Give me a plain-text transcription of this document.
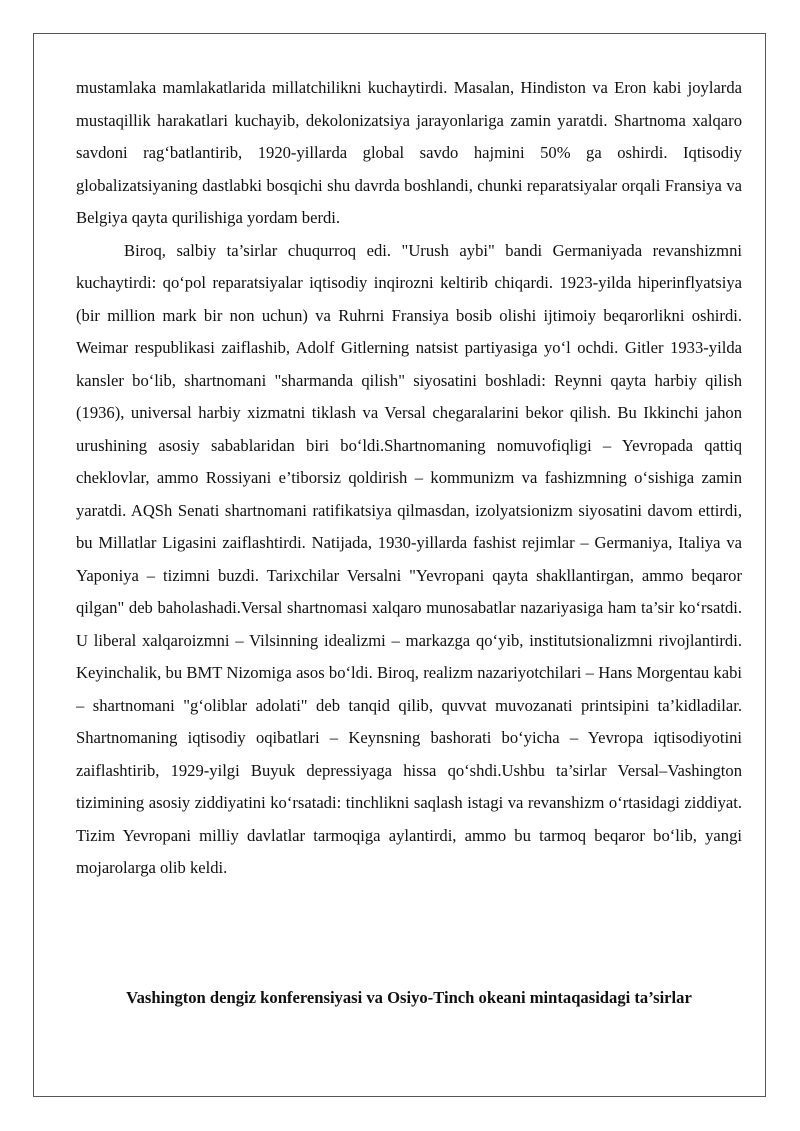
mustamlaka mamlakatlarida millatchilikni kuchaytirdi. Masalan, Hindiston va Eron kabi joylarda mustaqillik harakatlari kuchayib, dekolonizatsiya jarayonlariga zamin yaratdi. Shartnoma xalqaro savdoni rag‘batlantirib, 1920-yillarda global savdo hajmini 50% ga oshirdi. Iqtisodiy globalizatsiyaning dastlabki bosqichi shu davrda boshlandi, chunki reparatsiyalar orqali Fransiya va Belgiya qayta qurilishiga yordam berdi.

Biroq, salbiy ta’sirlar chuqurroq edi. "Urush aybi" bandi Germaniyada revanshizmni kuchaytirdi: qo‘pol reparatsiyalar iqtisodiy inqirozni keltirib chiqardi. 1923-yilda hiperinflyatsiya (bir million mark bir non uchun) va Ruhrni Fransiya bosib olishi ijtimoiy beqarorlikni oshirdi. Weimar respublikasi zaiflashib, Adolf Gitlerning natsist partiyasiga yo‘l ochdi. Gitler 1933-yilda kansler bo‘lib, shartnomani "sharmanda qilish" siyosatini boshladi: Reynni qayta harbiy qilish (1936), universal harbiy xizmatni tiklash va Versal chegaralarini bekor qilish. Bu Ikkinchi jahon urushining asosiy sabablaridan biri bo‘ldi.Shartnomaning nomuvofiqligi – Yevropada qattiq cheklovlar, ammo Rossiyani e’tiborsiz qoldirish – kommunizm va fashizmning o‘sishiga zamin yaratdi. AQSh Senati shartnomani ratifikatsiya qilmasdan, izolyatsionizm siyosatini davom ettirdi, bu Millatlar Ligasini zaiflashtirdi. Natijada, 1930-yillarda fashist rejimlar – Germaniya, Italiya va Yaponiya – tizimni buzdi. Tarixchilar Versalni "Yevropani qayta shakllantirgan, ammo beqaror qilgan" deb baholashadi.Versal shartnomasi xalqaro munosabatlar nazariyasiga ham ta’sir ko‘rsatdi. U liberal xalqaroizmni – Vilsinning idealizmi – markazga qo‘yib, institutsionalizmni rivojlantirdi. Keyinchalik, bu BMT Nizomiga asos bo‘ldi. Biroq, realizm nazariyotchilari – Hans Morgentau kabi – shartnomani "g‘oliblar adolati" deb tanqid qilib, quvvat muvozanati printsipini ta’kidladilar. Shartnomaning iqtisodiy oqibatlari – Keynsning bashorati bo‘yicha – Yevropa iqtisodiyotini zaiflashtirib, 1929-yilgi Buyuk depressiyaga hissa qo‘shdi.Ushbu ta’sirlar Versal–Vashington tizimining asosiy ziddiyatini ko‘rsatadi: tinchlikni saqlash istagi va revanshizm o‘rtasidagi ziddiyat. Tizim Yevropani milliy davlatlar tarmoqiga aylantirdi, ammo bu tarmoq beqaror bo‘lib, yangi mojarolarga olib keldi.

Vashington dengiz konferensiyasi va Osiyo-Tinch okeani mintaqasidagi ta’sirlar
